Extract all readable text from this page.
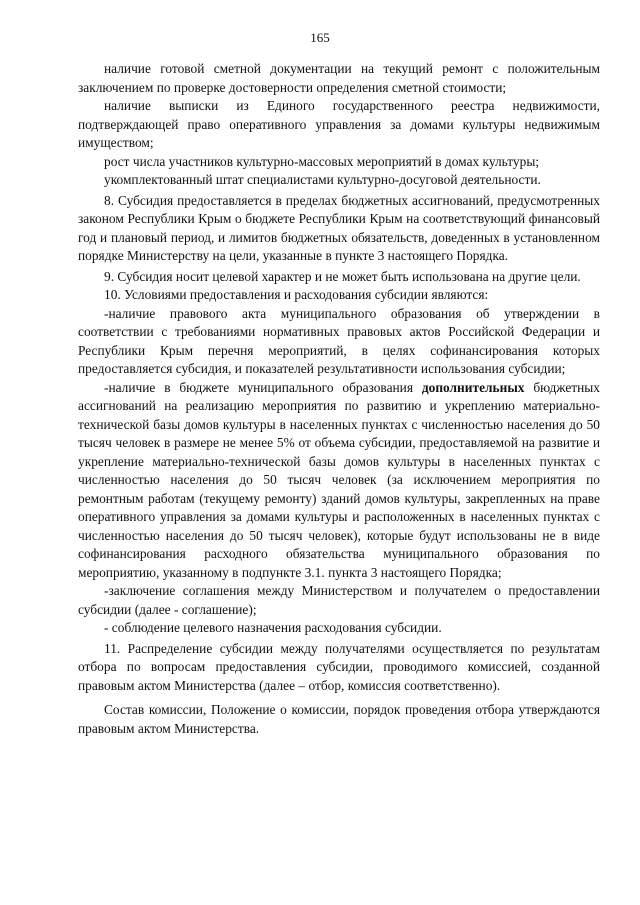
165

наличие готовой сметной документации на текущий ремонт с положительным заключением по проверке достоверности определения сметной стоимости;

наличие выписки из Единого государственного реестра недвижимости, подтверждающей право оперативного управления за домами культуры недвижимым имуществом;

рост числа участников культурно-массовых мероприятий в домах культуры;

укомплектованный штат специалистами культурно-досуговой деятельности.

8. Субсидия предоставляется в пределах бюджетных ассигнований, предусмотренных законом Республики Крым о бюджете Республики Крым на соответствующий финансовый год и плановый период, и лимитов бюджетных обязательств, доведенных в установленном порядке Министерству на цели, указанные в пункте 3 настоящего Порядка.

9. Субсидия носит целевой характер и не может быть использована на другие цели.

10. Условиями предоставления и расходования субсидии являются:

-наличие правового акта муниципального образования об утверждении в соответствии с требованиями нормативных правовых актов Российской Федерации и Республики Крым перечня мероприятий, в целях софинансирования которых предоставляется субсидия, и показателей результативности использования субсидии;

-наличие в бюджете муниципального образования дополнительных бюджетных ассигнований на реализацию мероприятия по развитию и укреплению материально-технической базы домов культуры в населенных пунктах с численностью населения до 50 тысяч человек в размере не менее 5% от объема субсидии, предоставляемой на развитие и укрепление материально-технической базы домов культуры в населенных пунктах с численностью населения до 50 тысяч человек (за исключением мероприятия по ремонтным работам (текущему ремонту) зданий домов культуры, закрепленных на праве оперативного управления за домами культуры и расположенных в населенных пунктах с численностью населения до 50 тысяч человек), которые будут использованы не в виде софинансирования расходного обязательства муниципального образования по мероприятию, указанному в подпункте 3.1. пункта 3 настоящего Порядка;

-заключение соглашения между Министерством и получателем о предоставлении субсидии (далее - соглашение);

- соблюдение целевого назначения расходования субсидии.

11. Распределение субсидии между получателями осуществляется по результатам отбора по вопросам предоставления субсидии, проводимого комиссией, созданной правовым актом Министерства (далее – отбор, комиссия соответственно).

Состав комиссии, Положение о комиссии, порядок проведения отбора утверждаются правовым актом Министерства.
